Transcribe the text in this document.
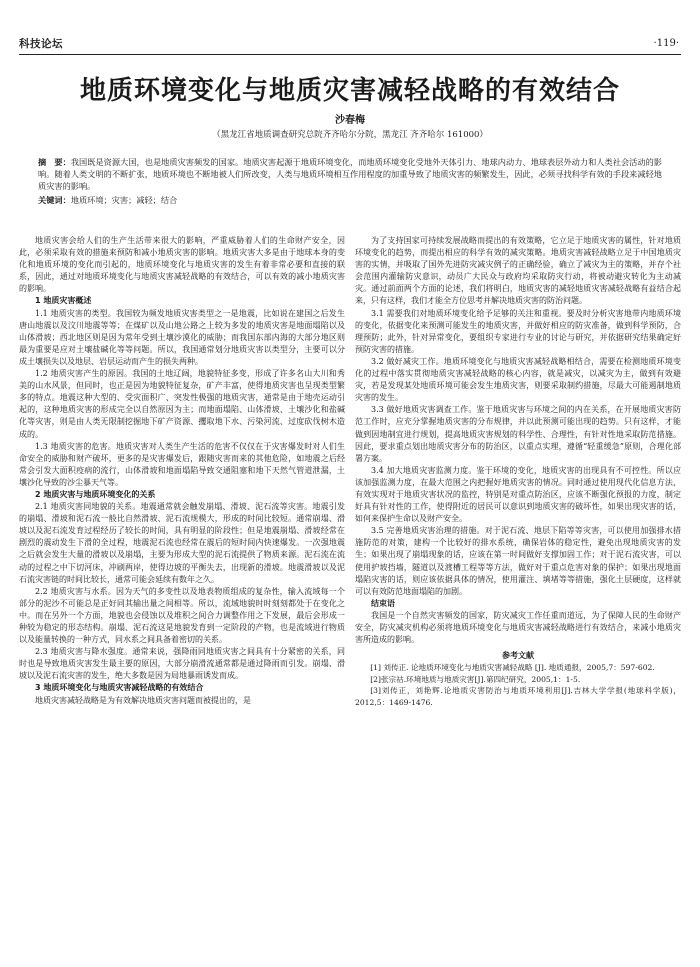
科技论坛	·119·
地质环境变化与地质灾害减轻战略的有效结合
沙春梅
（黑龙江省地质调查研究总院齐齐哈尔分院，黑龙江 齐齐哈尔 161000）
摘　要：我国既是资源大国，也是地质灾害频发的国家。地质灾害起源于地质环境变化，而地质环境变化受地外天体引力、地球内动力、地球表层外动力和人类社会活动的影响。随着人类文明的不断扩张，地质环境也不断地被人们所改变，人类与地质环境相互作用程度的加重导致了地质灾害的频繁发生，因此，必须寻找科学有效的手段来减轻地质灾害的影响。
关键词：地质环境；灾害；减轻；结合

地质灾害会给人们的生产生活带来很大的影响，严重威胁着人们的生命财产安全，因此，必须采取有效的措施来预防和减小地质灾害的影响。地质灾害大多是由于地球本身的变化和地质环境的变化而引起的，地质环境变化与地质灾害的发生有着非常必要和直接的联系，因此，通过对地质环境变化与地质灾害减轻战略的有效结合，可以有效的减小地质灾害的影响。

1 地质灾害概述

1.1 地质灾害的类型。我国较为频发地质灾害类型之一是地震，比如说在建国之后发生唐山地震以及汶川地震等等；在煤矿以及山地公路之上较为多发的地质灾害是地面塌陷以及山体滑坡；西北地区则是因为常年受到土壤沙漠化的威胁；而我国东部内海的大部分地区则最为重要是应对土壤盐碱化等等问题。所以，我国通常划分地质灾害以类型分，主要可以分成土壤损失以及地层、岩层运动而产生的损失两种。

1.2 地质灾害产生的原因。我国的土地辽阔，地貌特征多变，形成了许多名山大川和秀美的山水风景，但同时，也正是因为地貌特征复杂，矿产丰富，使得地质灾害也呈现类型繁多的特点。地震这种大型的、受灾面积广、突发性极强的地质灾害，通常是由于地壳运动引起的，这种地质灾害的形成完全以自然原因为主；而地面塌陷、山体滑坡、土壤沙化和盐碱化等灾害，则是由人类无限制挖掘地下矿产资源、攫取地下水、污染河流、过度砍伐树木造成的。

1.3 地质灾害的危害。地质灾害对人类生产生活的危害不仅仅在于灾害爆发时对人们生命安全的威胁和财产破坏，更多的是灾害爆发后，跟随灾害而来的其他危险，如地震之后经常会引发大面积疫病的流行，山体滑坡和地面塌陷导致交通阻塞和地下天然气管道泄漏，土壤沙化导致的沙尘暴天气等。

2 地质灾害与地质环境变化的关系

2.1 地质灾害同地貌的关系。地震通常就会触发崩塌、滑坡、泥石流等灾害。地震引发的崩塌、滑坡和泥石流一般比自然滑坡、泥石流规模大，形成的时间比较短。通常崩塌、滑坡以及泥石流发育过程经历了较长的时间，具有明显的阶段性；但是地震崩塌、滑坡经常在剧烈的震动发生下滑的全过程，地震泥石流也经常在震后的短时间内快速爆发。一次强地震之后就会发生大量的滑坡以及崩塌，主要为形成大型的泥石流提供了物质来源。泥石流在流动的过程之中下切河床，冲刷两岸，使得边坡的平衡失去，出现新的滑坡。地震滑坡以及泥石流灾害链的时间比较长，通常可能会延续有数年之久。

2.2 地质灾害与水系。因为天气的多变性以及地表物质组成的复杂性，输入流域每一个部分的泥沙不可能总是正好同其输出量之间相等。所以，流域地貌时时刻刻都处于在变化之中。而在另外一个方面，地貌也会侵蚀以及堆积之间合力调整作用之下发展，最后会形成一种较为稳定的形态结构。崩塌、泥石流这是地貌发育到一定阶段的产物，也是流域进行物质以及能量转换的一种方式，同水系之间具备着密切的关系。

2.3 地质灾害与降水强度。通常来说，强降雨同地质灾害之间具有十分紧密的关系，同时也是导致地质灾害发生最主要的原因，大部分崩滑流通常都是通过降雨而引发。崩塌、滑坡以及泥石流灾害的发生，绝大多数是因为局地暴雨诱发而成。

3 地质环境变化与地质灾害减轻战略的有效结合

地质灾害减轻战略是为有效解决地质灾害问题而被提出的，是

为了支持国家可持续发展战略而提出的有效策略，它立足于地质灾害的属性，针对地质环境变化的趋势，而提出相应的科学有效的减灾策略。地质灾害减轻战略立足于中国地质灾害的实情，并吸取了国外先进防灾减灾例子的正确经验，确立了减灾为主的策略，并存个社会范围内灌输防灾意识，动员广大民众与政府均采取防灾行动，将被动避灾转化为主动减灾。通过前面两个方面的论述，我们将明白，地质灾害的减轻地质灾害减轻战略有益结合起来，只有这样，我们才能全方位思考并解决地质灾害的防治问题。

3.1 需要我们对地质环境变化给予足够的关注和重视。要及时分析灾害地带内地质环境的变化，依据变化来预测可能发生的地质灾害，并做好相应的防灾准备，做到科学预防，合理预防；此外，针对异常变化，要组织专家进行专业的讨论与研究，并依据研究结果确定好预防灾害的措施。

3.2 做好减灾工作。地质环境变化与地质灾害减轻战略相结合，需要在检测地质环境变化的过程中落实贯彻地质灾害减轻战略的核心内容，就是减灾，以减灾为主，做到有效避灾，若是发现某处地质环境可能会发生地质灾害，则要采取制约措施，尽最大可能遏制地质灾害的发生。

3.3 做好地质灾害调查工作。鉴于地质灾害与环境之间的内在关系，在开展地质灾害防范工作时，应充分掌握地质灾害的分布规律，并以此预测可能出现的趋势。只有这样，才能做到因地制宜进行规划，提高地质灾害规划的科学性、合理性，有针对性地采取防范措施。因此，要求重点划出地质灾害分布的防治区，以重点实理，遵循“轻重缓急”原则，合理化部署方案。

3.4 加大地质灾害监测力度。鉴于环境的变化，地质灾害的出现具有不可控性。所以应该加强监测力度，在最大范围之内把握好地质灾害的情况。同时通过使用现代化信息方法，有效实现对于地质灾害状况的监控，特别是对重点防治区，应该不断强化预报的力度，制定好具有针对性的工作，使得附近的居民可以意识到地质灾害的破坏性，如果出现灾害的话，如何来保护生命以及财产安全。

3.5 完善地质灾害治理的措施。对于泥石流、地层下陷等等灾害，可以使用加强排水措施防范的对策，建构一个比较好的排水系统，确保岩体的稳定性，避免出现地质灾害的发生；如果出现了崩塌现象的话，应该在第一时间做好支撑加固工作；对于泥石流灾害，可以使用护坡挡墙，隧道以及渡槽工程等等方法，做好对于重点危害对象的保护；如果出现地面塌陷灾害的话，则应该依据具体的情况，使用灌注、填堵等等措施，强化土层硬度，这样就可以有效防范地面塌陷的加剧。

结束语

我国是一个自然灾害频发的国家，防灾减灾工作任重而道远，为了保障人民的生命财产安全，防灾减灾机构必须将地质环境变化与地质灾害减轻战略进行有效结合，来减小地质灾害所造成的影响。

参考文献

[1] 刘传正. 论地质环境变化与地质灾害减轻战略 [J]. 地质通报，2005,7：597-602.

[2]张宗祜.环境地质与地质灾害[J].第四纪研究，2005,1：1-5.

[3]刘传正，刘艳辉.论地质灾害防治与地质环境利用[J].吉林大学学报(地球科学版)，2012,5：1469-1476.
